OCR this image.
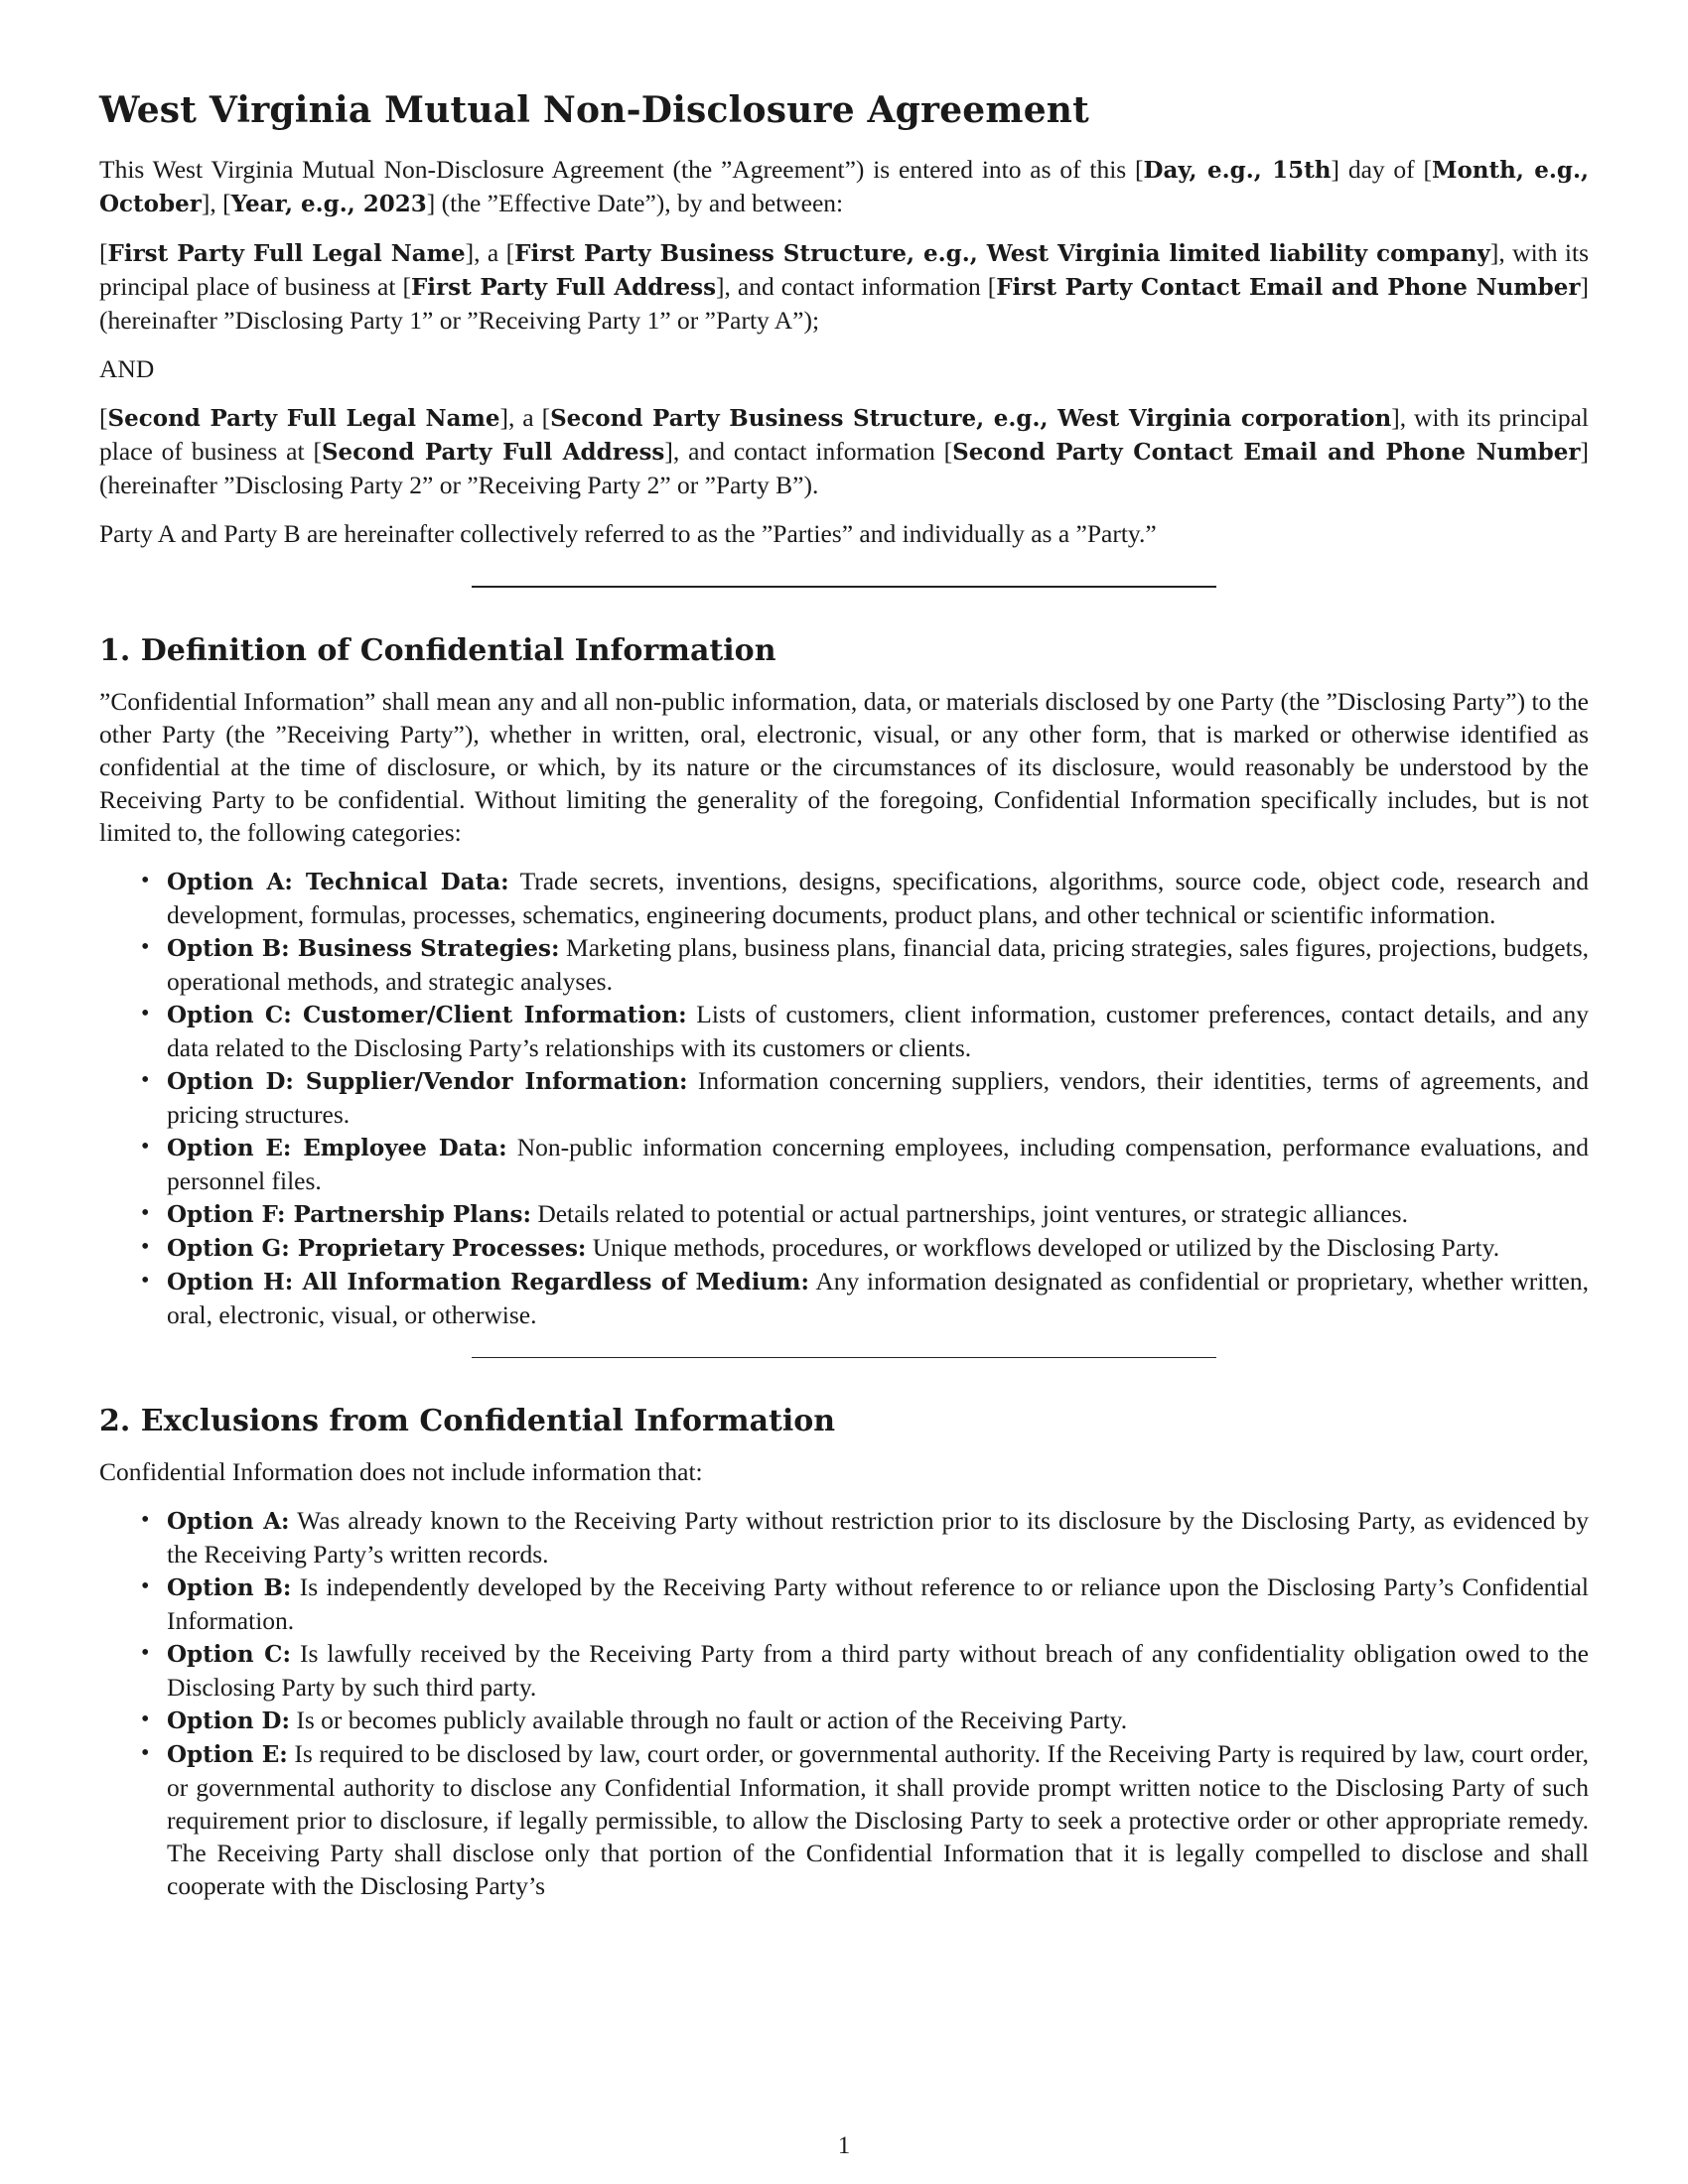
West Virginia Mutual Non-Disclosure Agreement

This West Virginia Mutual Non-Disclosure Agreement (the ”Agreement”) is entered into as of this [Day, e.g., 15th] day of [Month, e.g., October], [Year, e.g., 2023] (the ”Effective Date”), by and between:

[First Party Full Legal Name], a [First Party Business Structure, e.g., West Virginia limited liability company], with its principal place of business at [First Party Full Address], and contact information [First Party Contact Email and Phone Number] (hereinafter ”Disclosing Party 1” or ”Receiving Party 1” or ”Party A”);

AND

[Second Party Full Legal Name], a [Second Party Business Structure, e.g., West Virginia corporation], with its principal place of business at [Second Party Full Address], and contact information [Second Party Contact Email and Phone Number] (hereinafter ”Disclosing Party 2” or ”Receiving Party 2” or ”Party B”).

Party A and Party B are hereinafter collectively referred to as the ”Parties” and individually as a ”Party.”

1. Definition of Confidential Information

”Confidential Information” shall mean any and all non-public information, data, or materials disclosed by one Party (the ”Disclosing Party”) to the other Party (the ”Receiving Party”), whether in written, oral, electronic, visual, or any other form, that is marked or otherwise identified as confidential at the time of disclosure, or which, by its nature or the circumstances of its disclosure, would reasonably be understood by the Receiving Party to be confidential. Without limiting the generality of the foregoing, Confidential Information specifically includes, but is not limited to, the following categories:

• Option A: Technical Data: Trade secrets, inventions, designs, specifications, algorithms, source code, object code, research and development, formulas, processes, schematics, engineering documents, product plans, and other technical or scientific information.
• Option B: Business Strategies: Marketing plans, business plans, financial data, pricing strategies, sales figures, projections, budgets, operational methods, and strategic analyses.
• Option C: Customer/Client Information: Lists of customers, client information, customer preferences, contact details, and any data related to the Disclosing Party’s relationships with its customers or clients.
• Option D: Supplier/Vendor Information: Information concerning suppliers, vendors, their identities, terms of agreements, and pricing structures.
• Option E: Employee Data: Non-public information concerning employees, including compensation, performance evaluations, and personnel files.
• Option F: Partnership Plans: Details related to potential or actual partnerships, joint ventures, or strategic alliances.
• Option G: Proprietary Processes: Unique methods, procedures, or workflows developed or utilized by the Disclosing Party.
• Option H: All Information Regardless of Medium: Any information designated as confidential or proprietary, whether written, oral, electronic, visual, or otherwise.
2. Exclusions from Confidential Information

Confidential Information does not include information that:

• Option A: Was already known to the Receiving Party without restriction prior to its disclosure by the Disclosing Party, as evidenced by the Receiving Party’s written records.
• Option B: Is independently developed by the Receiving Party without reference to or reliance upon the Disclosing Party’s Confidential Information.
• Option C: Is lawfully received by the Receiving Party from a third party without breach of any confidentiality obligation owed to the Disclosing Party by such third party.
• Option D: Is or becomes publicly available through no fault or action of the Receiving Party.
• Option E: Is required to be disclosed by law, court order, or governmental authority. If the Receiving Party is required by law, court order, or governmental authority to disclose any Confidential Information, it shall provide prompt written notice to the Disclosing Party of such requirement prior to disclosure, if legally permissible, to allow the Disclosing Party to seek a protective order or other appropriate remedy. The Receiving Party shall disclose only that portion of the Confidential Information that it is legally compelled to disclose and shall cooperate with the Disclosing Party’s
1
